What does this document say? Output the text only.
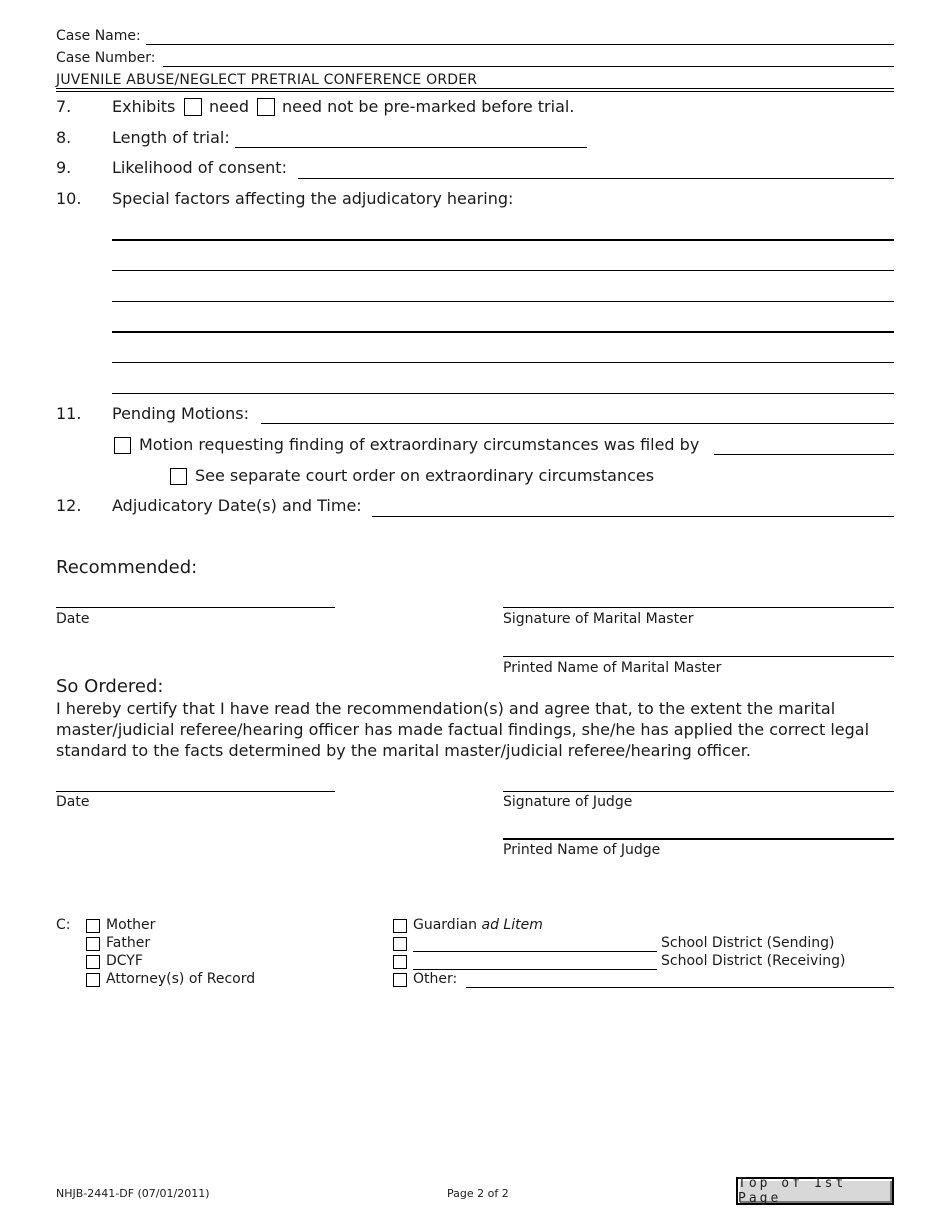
Case Name:
Case Number:
JUVENILE ABUSE/NEGLECT PRETRIAL CONFERENCE ORDER
7.	Exhibits need need not be pre-marked before trial.
8.	Length of trial:
9.	Likelihood of consent:
10. Special factors affecting the adjudicatory hearing:
11. Pending Motions:
Motion requesting finding of extraordinary circumstances was filed by
See separate court order on extraordinary circumstances
12. Adjudicatory Date(s) and Time:
Recommended:
Date	Signature of Marital Master
Printed Name of Marital Master
So Ordered:
I hereby certify that I have read the recommendation(s) and agree that, to the extent the marital
master/judicial referee/hearing officer has made factual findings, she/he has applied the correct legal
standard to the facts determined by the marital master/judicial referee/hearing officer.
Date	Signature of Judge
Printed Name of Judge
C:	Mother
Father
DCYF
Attorney(s) of Record
Guardian ad Litem
School District (Sending)
School District (Receiving)
Other:
NHJB-2441-DF (07/01/2011)	Page 2 of 2
Top of 1st Page
